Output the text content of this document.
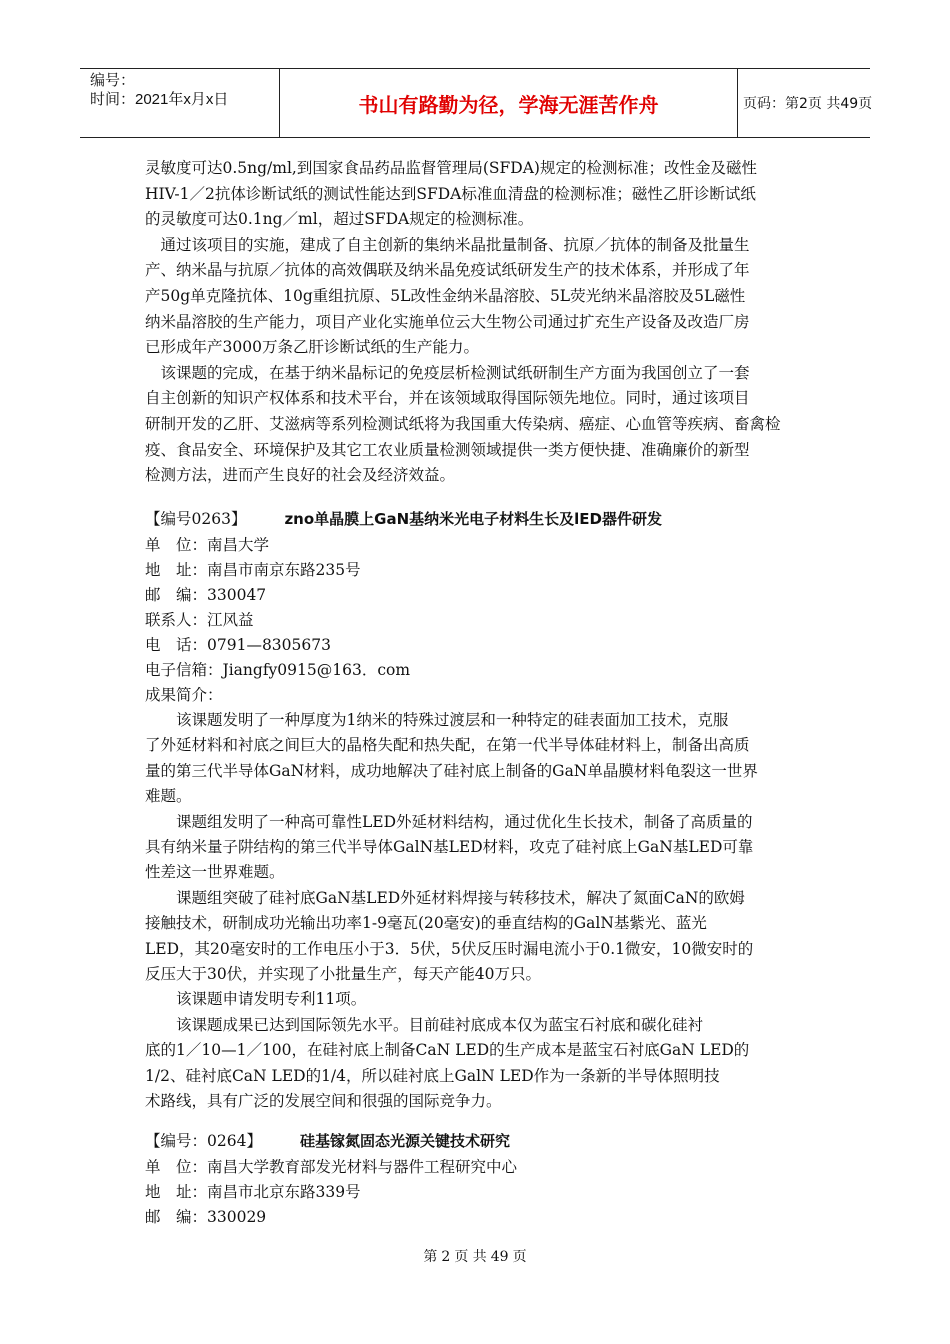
编号：
时间：2021年x月x日	书山有路勤为径，学海无涯苦作舟	页码：第2页 共49页
灵敏度可达0.5ng/ml,到国家食品药品监督管理局(SFDA)规定的检测标准；改性金及磁性
HIV-1／2抗体诊断试纸的测试性能达到SFDA标准血清盘的检测标准；磁性乙肝诊断试纸
的灵敏度可达0.1ng／ml，超过SFDA规定的检测标准。
　通过该项目的实施，建成了自主创新的集纳米晶批量制备、抗原／抗体的制备及批量生
产、纳米晶与抗原／抗体的高效偶联及纳米晶免疫试纸研发生产的技术体系，并形成了年
产50g单克隆抗体、10g重组抗原、5L改性金纳米晶溶胶、5L荧光纳米晶溶胶及5L磁性
纳米晶溶胶的生产能力，项目产业化实施单位云大生物公司通过扩充生产设备及改造厂房
已形成年产3000万条乙肝诊断试纸的生产能力。
　该课题的完成，在基于纳米晶标记的免疫层析检测试纸研制生产方面为我国创立了一套
自主创新的知识产权体系和技术平台，并在该领域取得国际领先地位。同时，通过该项目
研制开发的乙肝、艾滋病等系列检测试纸将为我国重大传染病、癌症、心血管等疾病、畜禽检
疫、食品安全、环境保护及其它工农业质量检测领域提供一类方便快捷、准确廉价的新型
检测方法，进而产生良好的社会及经济效益。
【编号0263】	zno单晶膜上GaN基纳米光电子材料生长及lED器件研发
单　位：南昌大学
地　址：南昌市南京东路235号
邮　编：330047
联系人：江风益
电　话：0791—8305673
电子信箱：Jiangfy0915@163．com
成果简介：
　　该课题发明了一种厚度为1纳米的特殊过渡层和一种特定的硅表面加工技术，克服
了外延材料和衬底之间巨大的晶格失配和热失配，在第一代半导体硅材料上，制备出高质
量的第三代半导体GaN材料，成功地解决了硅衬底上制备的GaN单晶膜材料龟裂这一世界
难题。
　　课题组发明了一种高可靠性LED外延材料结构，通过优化生长技术，制备了高质量的
具有纳米量子阱结构的第三代半导体GalN基LED材料，攻克了硅衬底上GaN基LED可靠
性差这一世界难题。
　　课题组突破了硅衬底GaN基LED外延材料焊接与转移技术，解决了氮面CaN的欧姆
接触技术，研制成功光输出功率1-9毫瓦(20毫安)的垂直结构的GalN基紫光、蓝光
LED，其20毫安时的工作电压小于3．5伏，5伏反压时漏电流小于0.1微安，10微安时的
反压大于30伏，并实现了小批量生产，每天产能40万只。
　　该课题申请发明专利11项。
　　该课题成果已达到国际领先水平。目前硅衬底成本仅为蓝宝石衬底和碳化硅衬
底的1／10—1／100，在硅衬底上制备CaN LED的生产成本是蓝宝石衬底GaN LED的
1/2、硅衬底CaN LED的1/4，所以硅衬底上GalN LED作为一条新的半导体照明技
术路线，具有广泛的发展空间和很强的国际竞争力。
【编号：0264】	硅基镓氮固态光源关键技术研究
单　位：南昌大学教育部发光材料与器件工程研究中心
地　址：南昌市北京东路339号
邮　编：330029
第 2 页 共 49 页
